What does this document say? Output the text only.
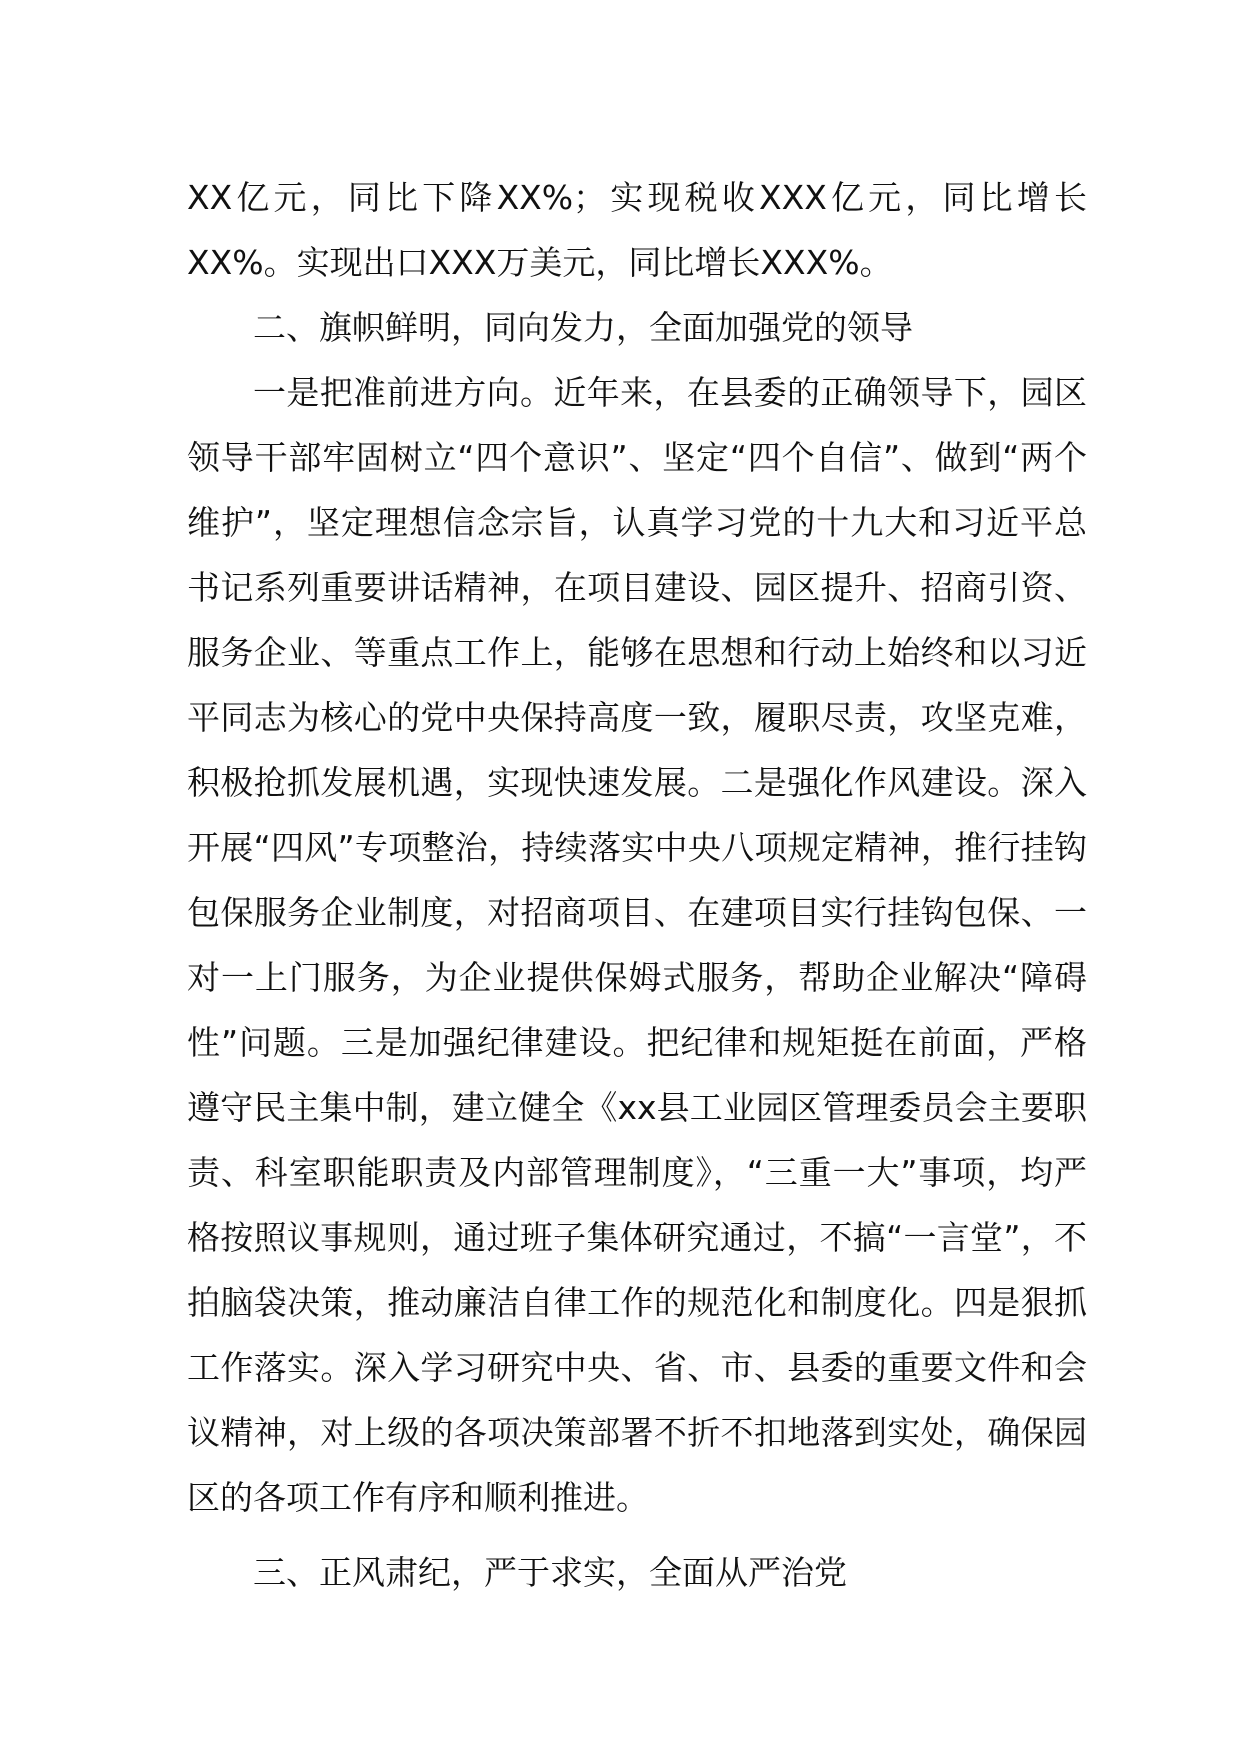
XX亿元，同比下降XX%；实现税收XXX亿元，同比增长XX%。实现出口XXX万美元，同比增长XXX%。

二、旗帜鲜明，同向发力，全面加强党的领导

一是把准前进方向。近年来，在县委的正确领导下，园区领导干部牢固树立“四个意识”、坚定“四个自信”、做到“两个维护”，坚定理想信念宗旨，认真学习党的十九大和习近平总书记系列重要讲话精神，在项目建设、园区提升、招商引资、服务企业、等重点工作上，能够在思想和行动上始终和以习近平同志为核心的党中央保持高度一致，履职尽责，攻坚克难，积极抢抓发展机遇，实现快速发展。二是强化作风建设。深入开展“四风”专项整治，持续落实中央八项规定精神，推行挂钩包保服务企业制度，对招商项目、在建项目实行挂钩包保、一对一上门服务，为企业提供保姆式服务，帮助企业解决“障碍性”问题。三是加强纪律建设。把纪律和规矩挺在前面，严格遵守民主集中制，建立健全《xx县工业园区管理委员会主要职责、科室职能职责及内部管理制度》，“三重一大”事项，均严格按照议事规则，通过班子集体研究通过，不搞“一言堂”，不拍脑袋决策，推动廉洁自律工作的规范化和制度化。四是狠抓工作落实。深入学习研究中央、省、市、县委的重要文件和会议精神，对上级的各项决策部署不折不扣地落到实处，确保园区的各项工作有序和顺利推进。

三、正风肃纪，严于求实，全面从严治党
